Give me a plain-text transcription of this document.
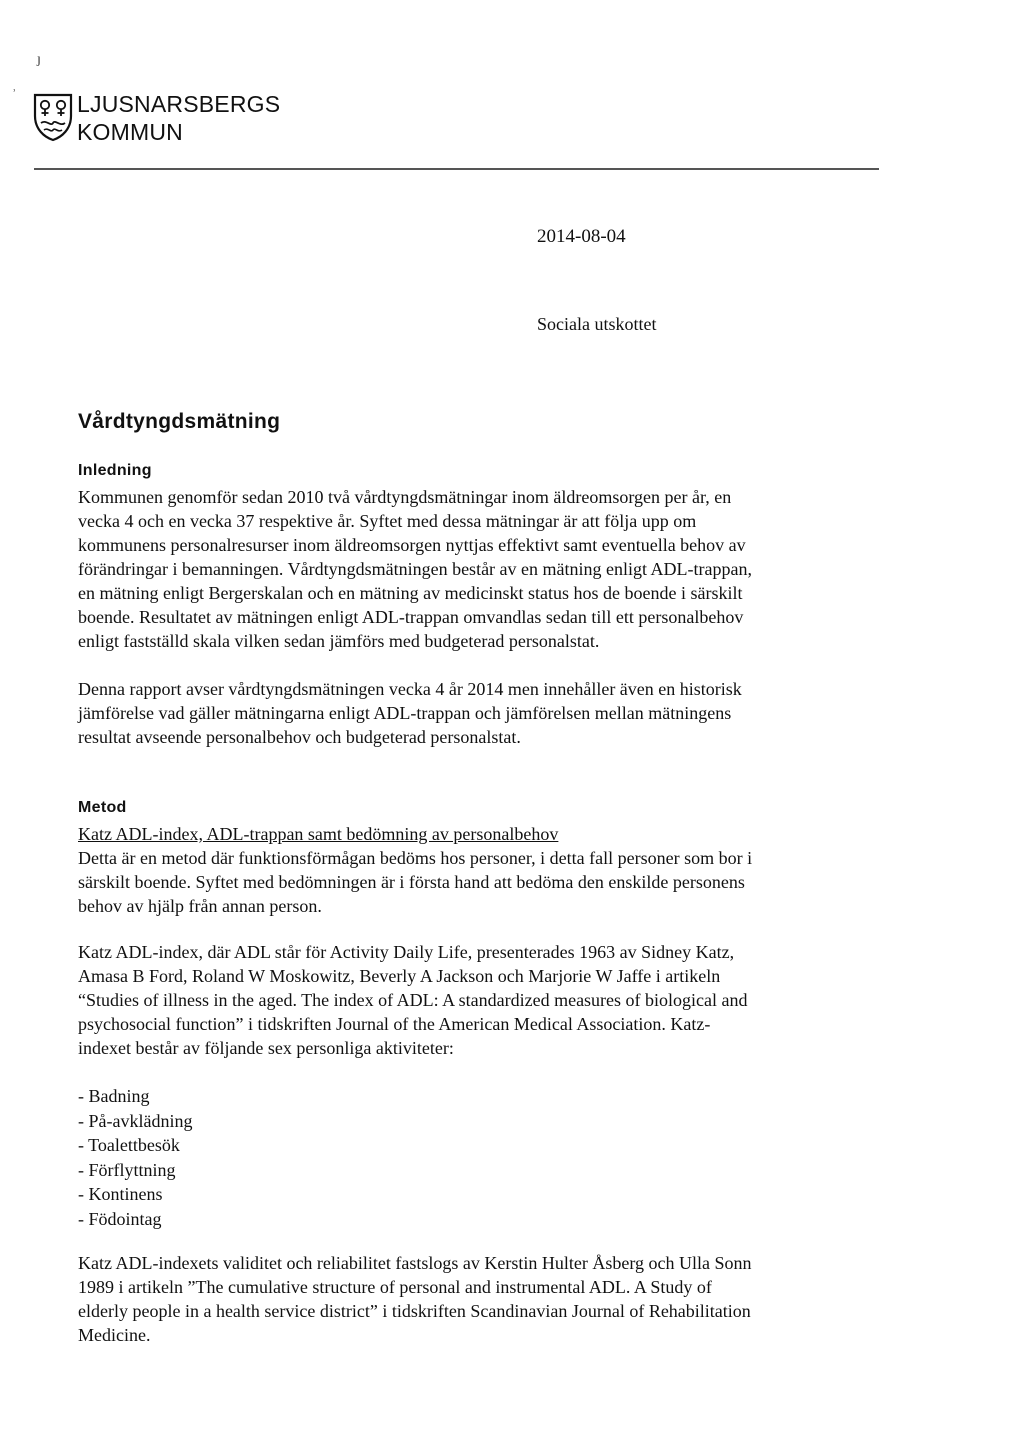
ȷ
ʾ	LJUSNARSBERGS
KOMMUN
2014-08-04
Sociala utskottet
Vårdtyngdsmätning
Inledning
Kommunen genomför sedan 2010 två vårdtyngdsmätningar inom äldreomsorgen per år, en
vecka 4 och en vecka 37 respektive år. Syftet med dessa mätningar är att följa upp om
kommunens personalresurser inom äldreomsorgen nyttjas effektivt samt eventuella behov av
förändringar i bemanningen. Vårdtyngdsmätningen består av en mätning enligt ADL-trappan,
en mätning enligt Bergerskalan och en mätning av medicinskt status hos de boende i särskilt
boende. Resultatet av mätningen enligt ADL-trappan omvandlas sedan till ett personalbehov
enligt fastställd skala vilken sedan jämförs med budgeterad personalstat.
Denna rapport avser vårdtyngdsmätningen vecka 4 år 2014 men innehåller även en historisk
jämförelse vad gäller mätningarna enligt ADL-trappan och jämförelsen mellan mätningens
resultat avseende personalbehov och budgeterad personalstat.
Metod
Katz ADL-index, ADL-trappan samt bedömning av personalbehov
Detta är en metod där funktionsförmågan bedöms hos personer, i detta fall personer som bor i
särskilt boende. Syftet med bedömningen är i första hand att bedöma den enskilde personens
behov av hjälp från annan person.
Katz ADL-index, där ADL står för Activity Daily Life, presenterades 1963 av Sidney Katz,
Amasa B Ford, Roland W Moskowitz, Beverly A Jackson och Marjorie W Jaffe i artikeln
“Studies of illness in the aged. The index of ADL: A standardized measures of biological and
psychosocial function” i tidskriften Journal of the American Medical Association. Katz-
indexet består av följande sex personliga aktiviteter:
- Badning
- På-avklädning
- Toalettbesök
- Förflyttning
- Kontinens
- Födointag
Katz ADL-indexets validitet och reliabilitet fastslogs av Kerstin Hulter Åsberg och Ulla Sonn
1989 i artikeln ”The cumulative structure of personal and instrumental ADL. A Study of
elderly people in a health service district” i tidskriften Scandinavian Journal of Rehabilitation
Medicine.
